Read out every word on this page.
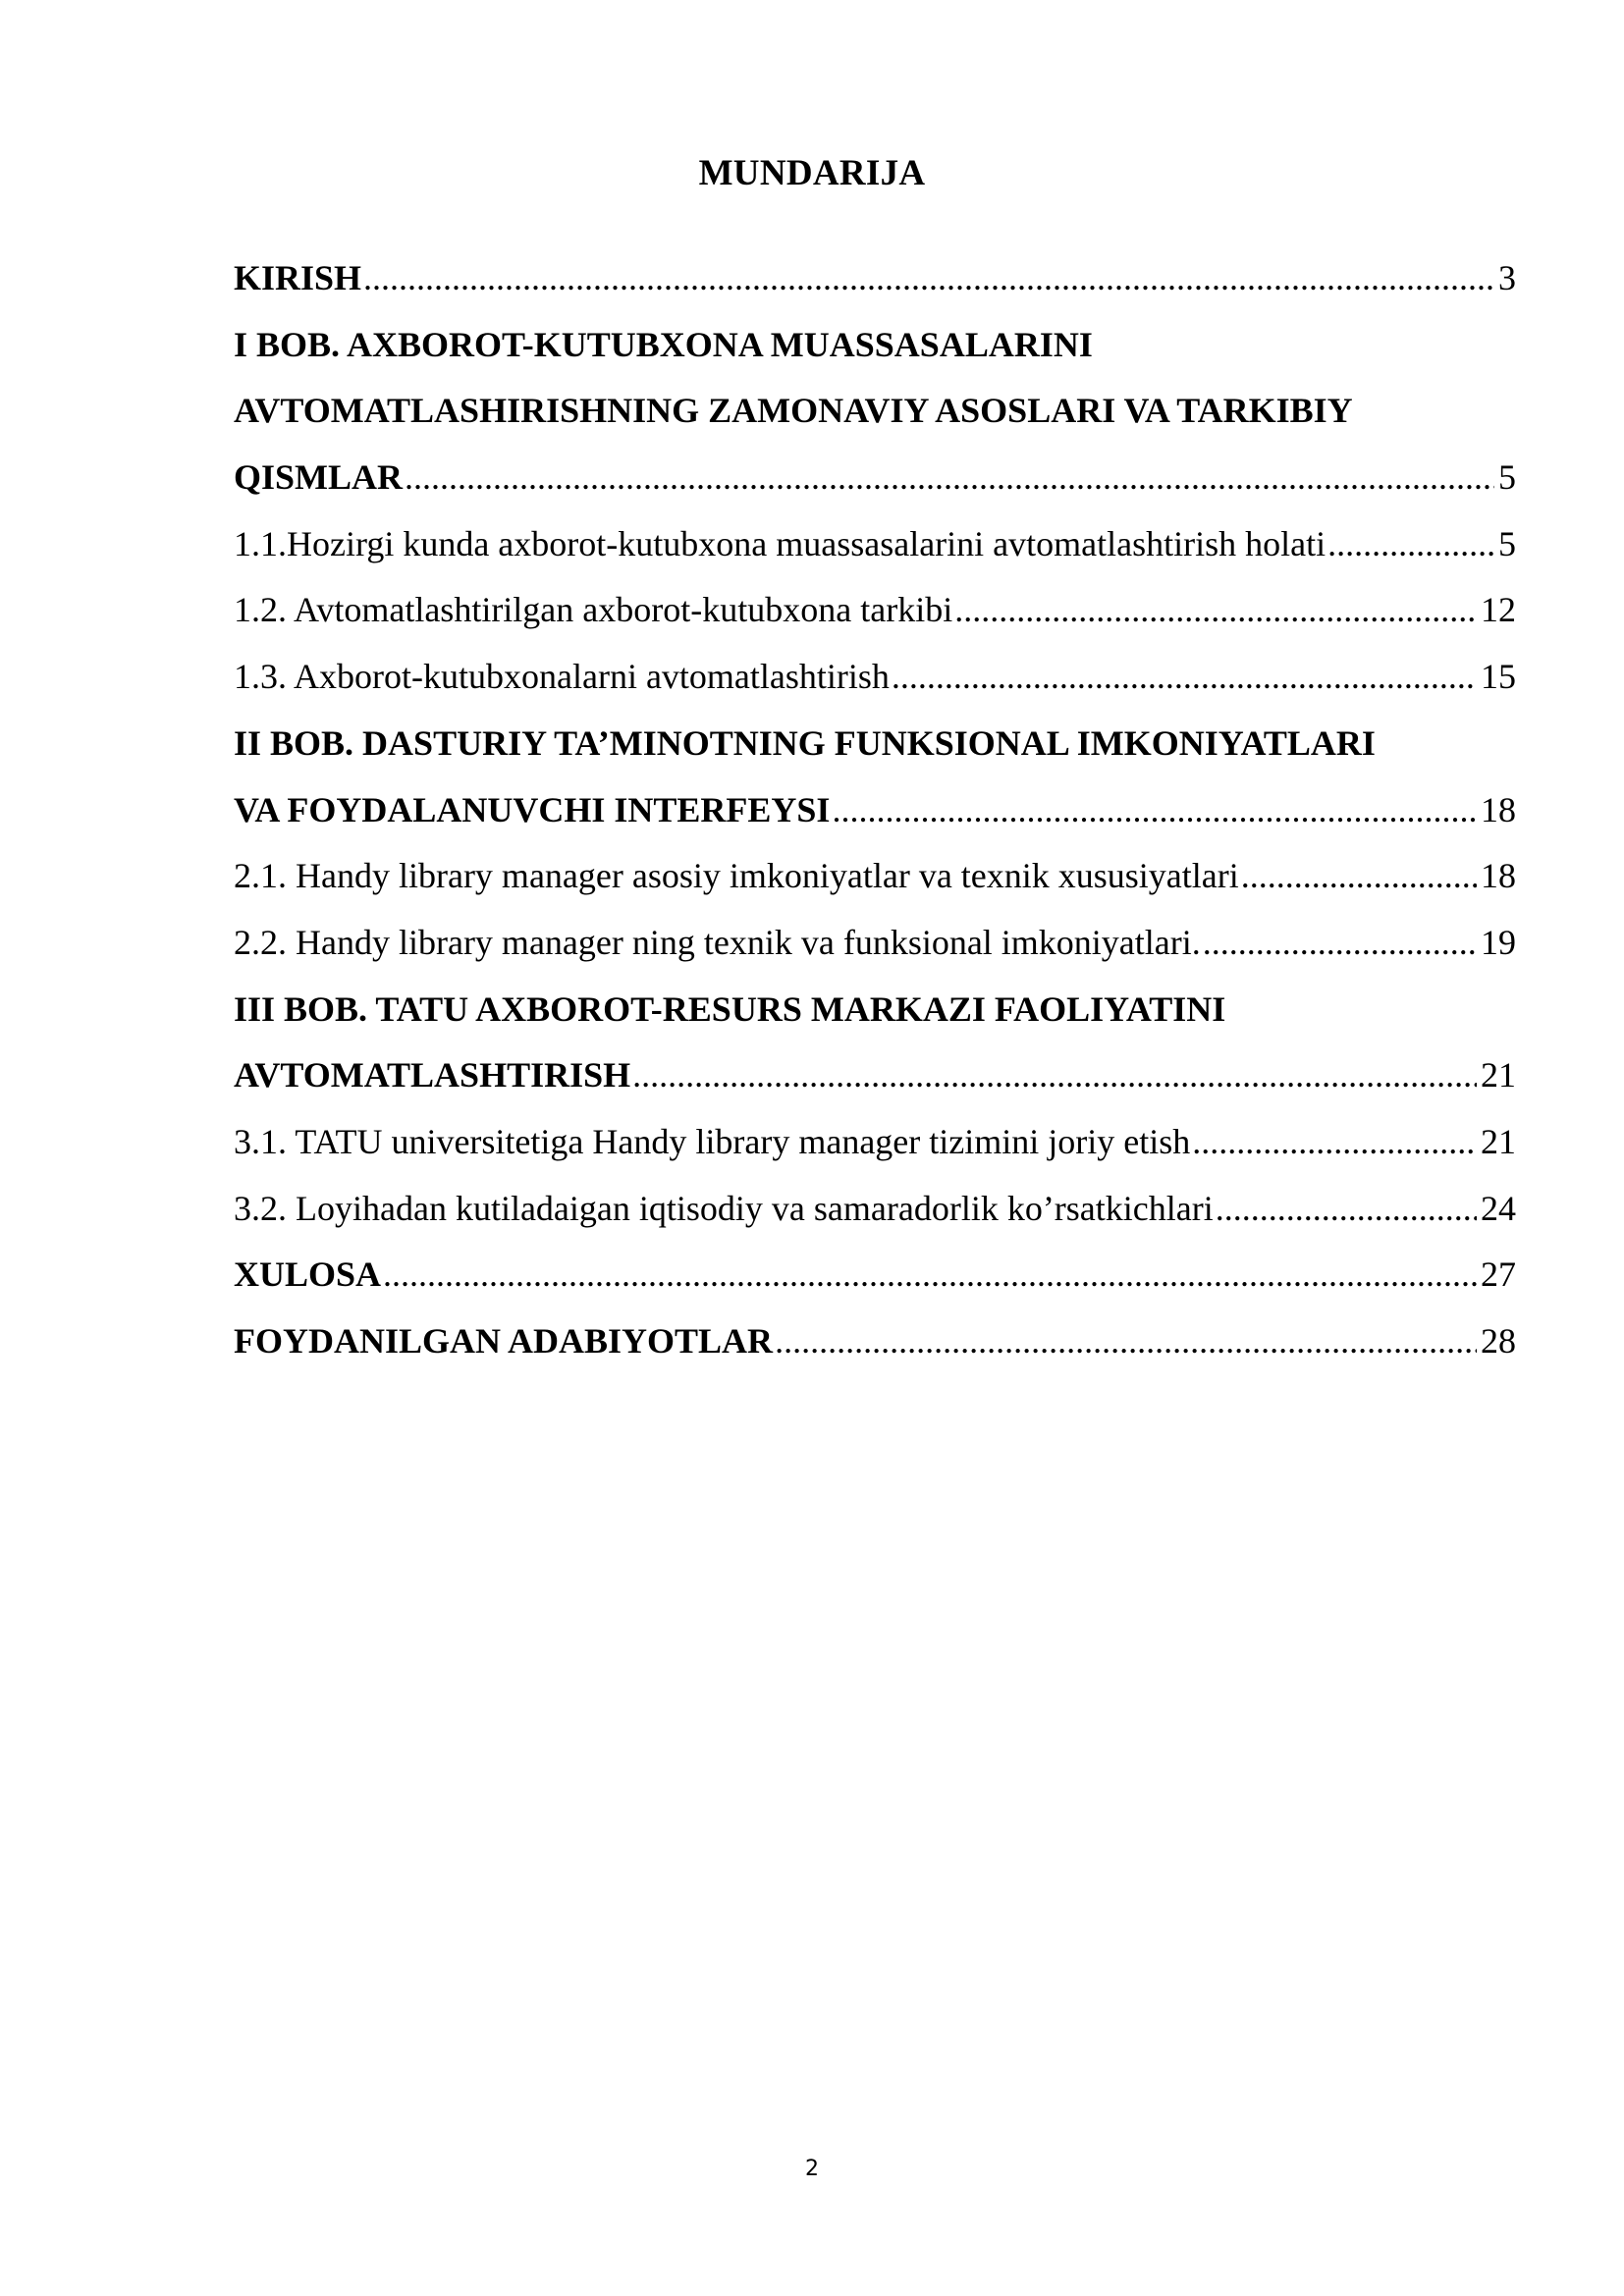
MUNDARIJA
KIRISH .....	3
I BOB. AXBOROT-KUTUBXONA MUASSASALARINI
AVTOMATLASHIRISHNING ZAMONAVIY ASOSLARI VA TARKIBIY
QISMLAR .....	5
1.1.Hozirgi kunda axborot-kutubxona muassasalarini avtomatlashtirish holati .....	5
1.2. Avtomatlashtirilgan axborot-kutubxona tarkibi .....	12
1.3. Axborot-kutubxonalarni avtomatlashtirish .....	15
II BOB. DASTURIY TA’MINOTNING FUNKSIONAL IMKONIYATLARI
VA FOYDALANUVCHI INTERFEYSI .....	18
2.1. Handy library manager asosiy imkoniyatlar va texnik xususiyatlari .....	18
2.2. Handy library manager ning texnik va funksional imkoniyatlari. .....	19
III BOB. TATU AXBOROT-RESURS MARKAZI FAOLIYATINI
AVTOMATLASHTIRISH .....	21
3.1. TATU universitetiga Handy library manager tizimini joriy etish .....	21
3.2. Loyihadan kutiladaigan iqtisodiy va samaradorlik ko’rsatkichlari .....	24
XULOSA .....	27
FOYDANILGAN ADABIYOTLAR .....	28
2
